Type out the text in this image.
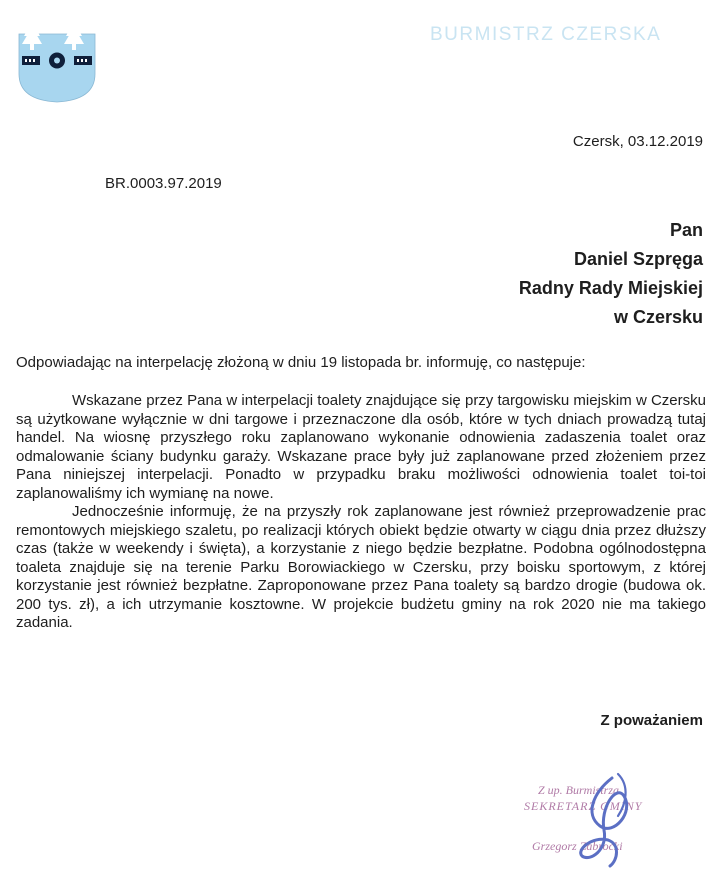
BURMISTRZ CZERSKA
Czersk, 03.12.2019
BR.0003.97.2019
Pan
Daniel Szpręga
Radny Rady Miejskiej
w Czersku
Odpowiadając na interpelację złożoną w dniu 19 listopada br. informuję, co następuje:

Wskazane przez Pana w interpelacji toalety znajdujące się przy targowisku miejskim w Czersku są użytkowane wyłącznie w dni targowe i przeznaczone dla osób, które w tych dniach prowadzą tutaj handel. Na wiosnę przyszłego roku zaplanowano wykonanie odnowienia zadaszenia toalet oraz odmalowanie ściany budynku garaży. Wskazane prace były już zaplanowane przed złożeniem przez Pana niniejszej interpelacji. Ponadto w przypadku braku możliwości odnowienia toalet toi-toi zaplanowaliśmy ich wymianę na nowe.

Jednocześnie informuję, że na przyszły rok zaplanowane jest również przeprowadzenie prac remontowych miejskiego szaletu, po realizacji których obiekt będzie otwarty w ciągu dnia przez dłuższy czas (także w weekendy i święta), a korzystanie z niego będzie bezpłatne. Podobna ogólnodostępna toaleta znajduje się na terenie Parku Borowiackiego w Czersku, przy boisku sportowym, z której korzystanie jest również bezpłatne. Zaproponowane przez Pana toalety są bardzo drogie (budowa ok. 200 tys. zł), a ich utrzymanie kosztowne. W projekcie budżetu gminy na rok 2020 nie ma takiego zadania.

Z poważaniem
Z up. Burmistrza
SEKRETARZ GMINY
Grzegorz Zabrocki
